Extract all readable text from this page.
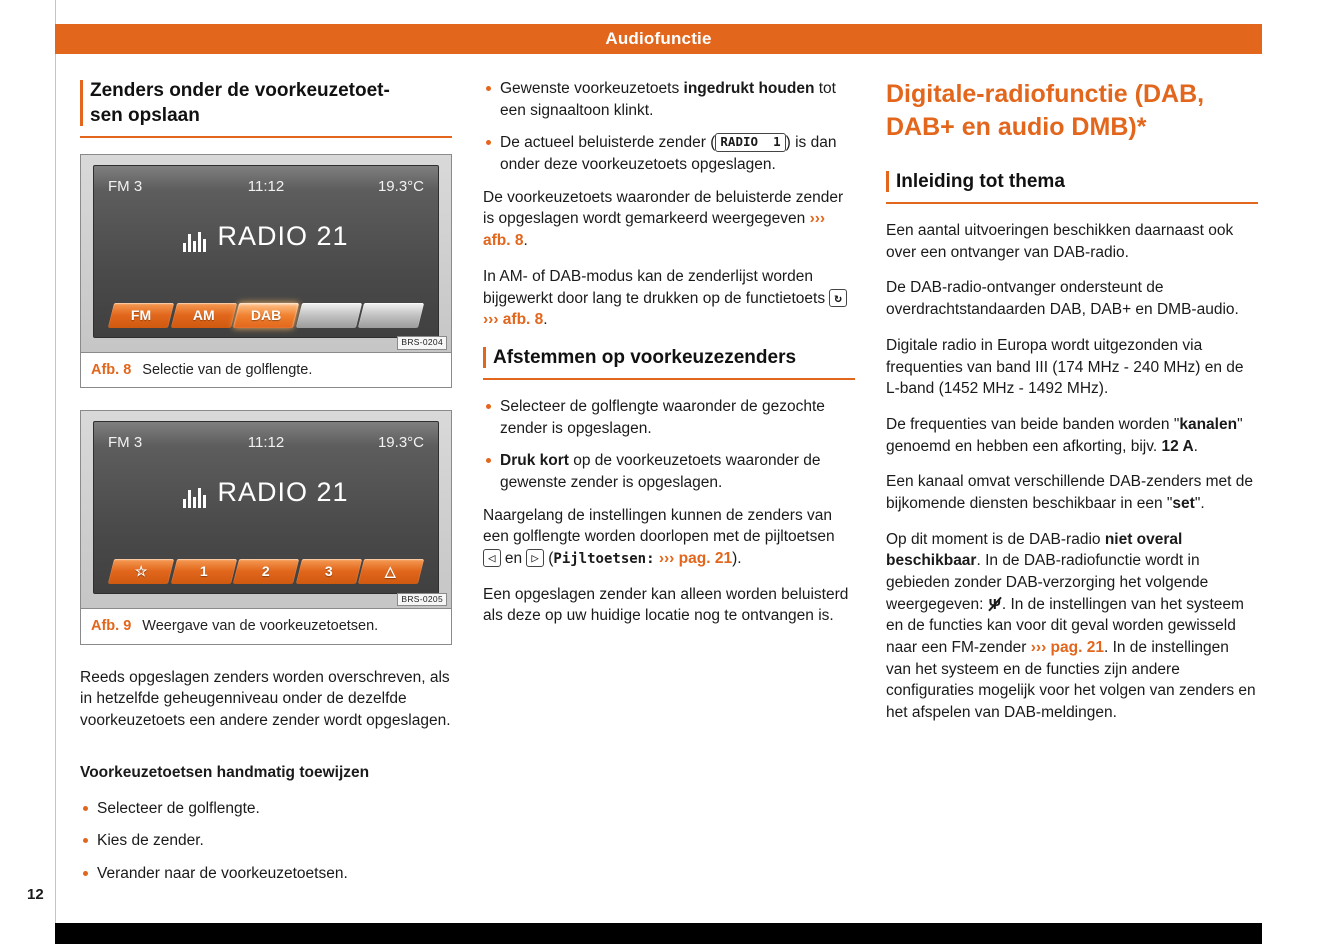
Audiofunctie
Zenders onder de voorkeuzetoet-
sen opslaan
FM 3	11:12	19.3°C
RADIO 21
FM	AM	DAB
BRS-0204
Afb. 8 Selectie van de golflengte.
FM 3	11:12	19.3°C
RADIO 21
☆	1	2	3	△
BRS-0205
Afb. 9 Weergave van de voorkeuzetoetsen.

Reeds opgeslagen zenders worden overschreven, als in hetzelfde geheugenniveau onder de dezelfde voorkeuzetoets een andere zender wordt opgeslagen.

Voorkeuzetoetsen handmatig toewijzen

Selecteer de golflengte.

Kies de zender.

Verander naar de voorkeuzetoetsen.

Gewenste voorkeuzetoets ingedrukt houden tot een signaaltoon klinkt.

De actueel beluisterde zender ( RADIO  1 ) is dan onder deze voorkeuzetoets opgeslagen.

De voorkeuzetoets waaronder de beluisterde zender is opgeslagen wordt gemarkeerd weergegeven ››› afb. 8.

In AM- of DAB-modus kan de zenderlijst worden bijgewerkt door lang te drukken op de functietoets ↻ ››› afb. 8.

Afstemmen op voorkeuzezenders

Selecteer de golflengte waaronder de gezochte zender is opgeslagen.

Druk kort op de voorkeuzetoets waaronder de gewenste zender is opgeslagen.

Naargelang de instellingen kunnen de zenders van een golflengte worden doorlopen met de pijltoetsen ◁ en ▷ (Pijltoetsen: ››› pag. 21).

Een opgeslagen zender kan alleen worden beluisterd als deze op uw huidige locatie nog te ontvangen is.

Digitale-radiofunctie (DAB, DAB+ en audio DMB)*
Inleiding tot thema

Een aantal uitvoeringen beschikken daarnaast ook over een ontvanger van DAB-radio.

De DAB-radio-ontvanger ondersteunt de overdrachtstandaarden DAB, DAB+ en DMB-audio.

Digitale radio in Europa wordt uitgezonden via frequenties van band III (174 MHz - 240 MHz) en de L-band (1452 MHz - 1492 MHz).

De frequenties van beide banden worden "kanalen" genoemd en hebben een afkorting, bijv. 12 A.

Een kanaal omvat verschillende DAB-zenders met de bijkomende diensten beschikbaar in een "set".

Op dit moment is de DAB-radio niet overal beschikbaar. In de DAB-radiofunctie wordt in gebieden zonder DAB-verzorging het volgende weergegeven: Ψ. In de instellingen van het systeem en de functies kan voor dit geval worden gewisseld naar een FM-zender ››› pag. 21. In de instellingen van het systeem en de functies zijn andere configuraties mogelijk voor het volgen van zenders en het afspelen van DAB-meldingen.

12
